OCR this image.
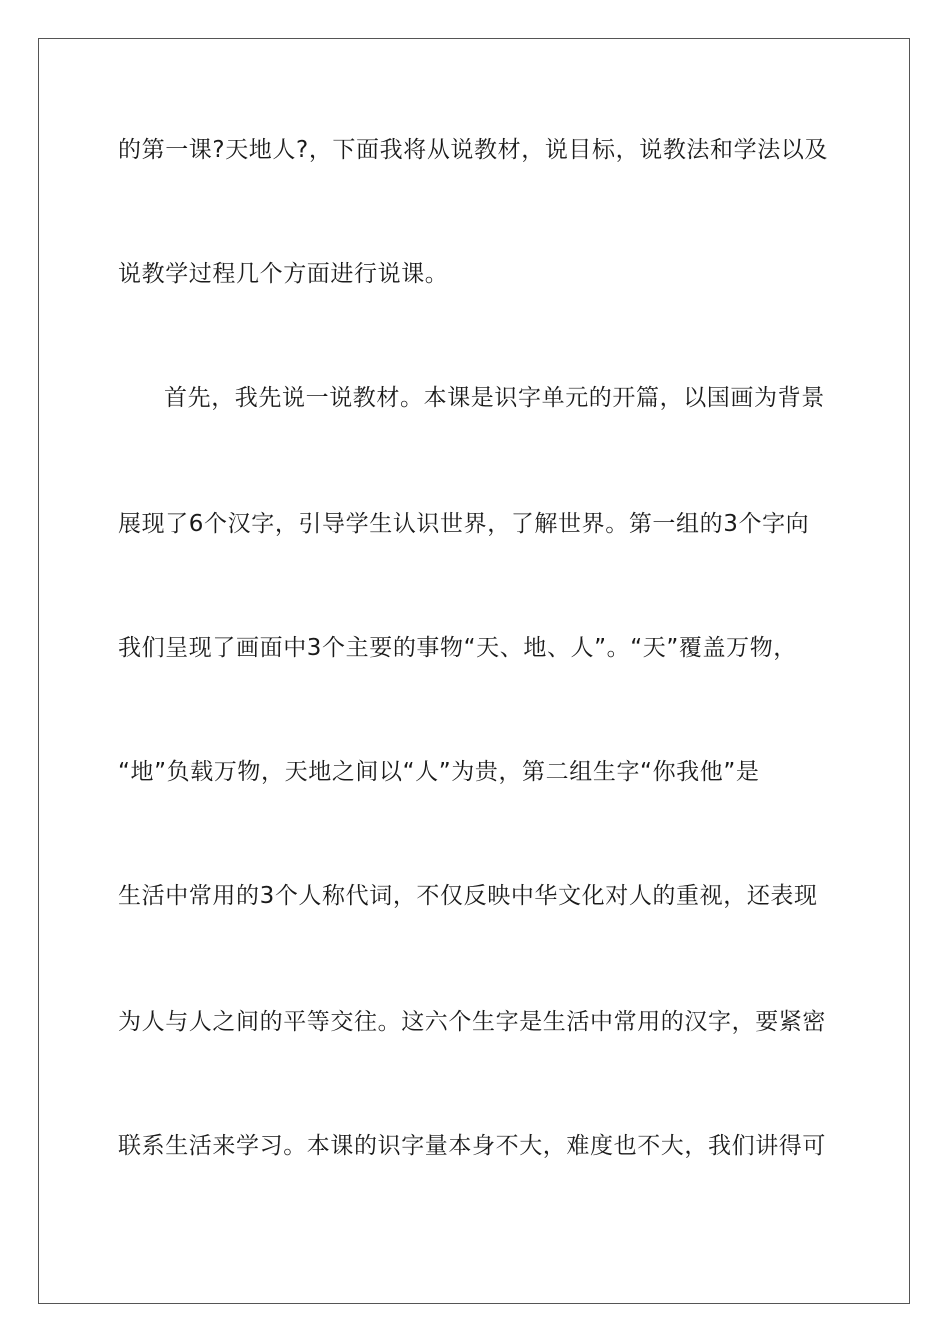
的第一课?天地人?，下面我将从说教材，说目标，说教法和学法以及

说教学过程几个方面进行说课。

首先，我先说一说教材。本课是识字单元的开篇，以国画为背景

展现了6个汉字，引导学生认识世界，了解世界。第一组的3个字向

我们呈现了画面中3个主要的事物“天、地、人”。“天”覆盖万物，

“地”负载万物，天地之间以“人”为贵，第二组生字“你我他”是

生活中常用的3个人称代词，不仅反映中华文化对人的重视，还表现

为人与人之间的平等交往。这六个生字是生活中常用的汉字，要紧密

联系生活来学习。本课的识字量本身不大，难度也不大，我们讲得可
